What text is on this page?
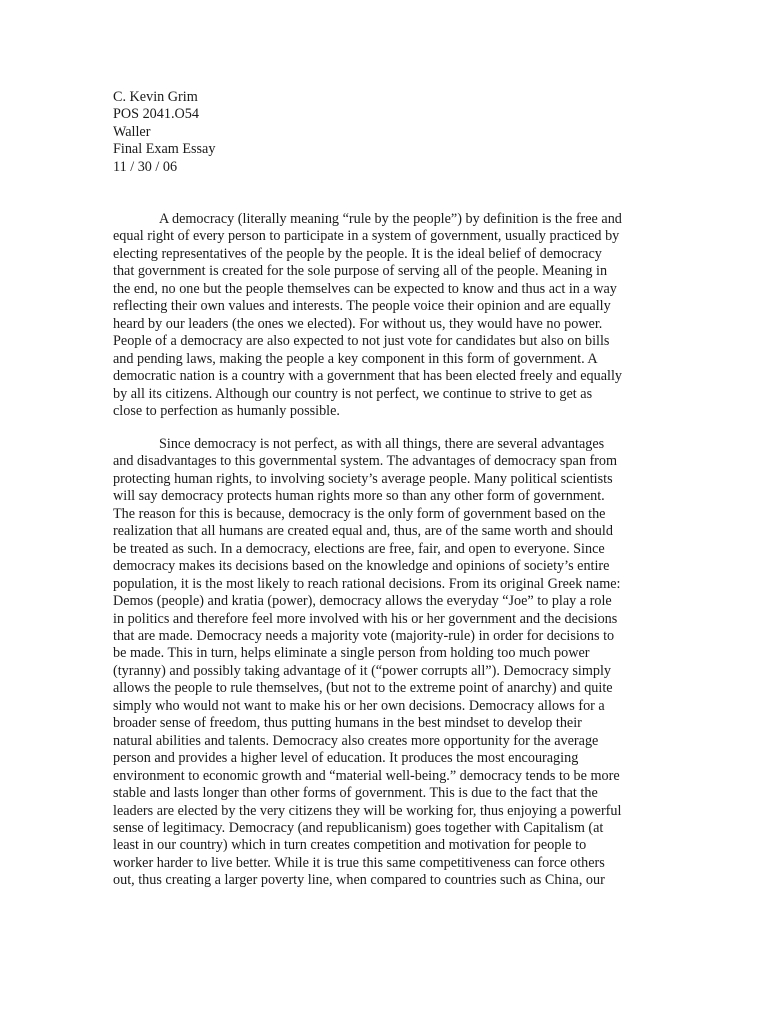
C. Kevin Grim
POS 2041.O54
Waller
Final Exam Essay
11 / 30 / 06
A democracy (literally meaning “rule by the people”) by definition is the free and
equal right of every person to participate in a system of government, usually practiced by
electing representatives of the people by the people. It is the ideal belief of democracy
that government is created for the sole purpose of serving all of the people. Meaning in
the end, no one but the people themselves can be expected to know and thus act in a way
reflecting their own values and interests. The people voice their opinion and are equally
heard by our leaders (the ones we elected). For without us, they would have no power.
People of a democracy are also expected to not just vote for candidates but also on bills
and pending laws, making the people a key component in this form of government. A
democratic nation is a country with a government that has been elected freely and equally
by all its citizens. Although our country is not perfect, we continue to strive to get as
close to perfection as humanly possible.
Since democracy is not perfect, as with all things, there are several advantages
and disadvantages to this governmental system. The advantages of democracy span from
protecting human rights, to involving society’s average people. Many political scientists
will say democracy protects human rights more so than any other form of government.
The reason for this is because, democracy is the only form of government based on the
realization that all humans are created equal and, thus, are of the same worth and should
be treated as such. In a democracy, elections are free, fair, and open to everyone. Since
democracy makes its decisions based on the knowledge and opinions of society’s entire
population, it is the most likely to reach rational decisions. From its original Greek name:
Demos (people) and kratia (power), democracy allows the everyday “Joe” to play a role
in politics and therefore feel more involved with his or her government and the decisions
that are made. Democracy needs a majority vote (majority-rule) in order for decisions to
be made. This in turn, helps eliminate a single person from holding too much power
(tyranny) and possibly taking advantage of it (“power corrupts all”). Democracy simply
allows the people to rule themselves, (but not to the extreme point of anarchy) and quite
simply who would not want to make his or her own decisions. Democracy allows for a
broader sense of freedom, thus putting humans in the best mindset to develop their
natural abilities and talents. Democracy also creates more opportunity for the average
person and provides a higher level of education. It produces the most encouraging
environment to economic growth and “material well-being.” democracy tends to be more
stable and lasts longer than other forms of government. This is due to the fact that the
leaders are elected by the very citizens they will be working for, thus enjoying a powerful
sense of legitimacy. Democracy (and republicanism) goes together with Capitalism (at
least in our country) which in turn creates competition and motivation for people to
worker harder to live better. While it is true this same competitiveness can force others
out, thus creating a larger poverty line, when compared to countries such as China, our
